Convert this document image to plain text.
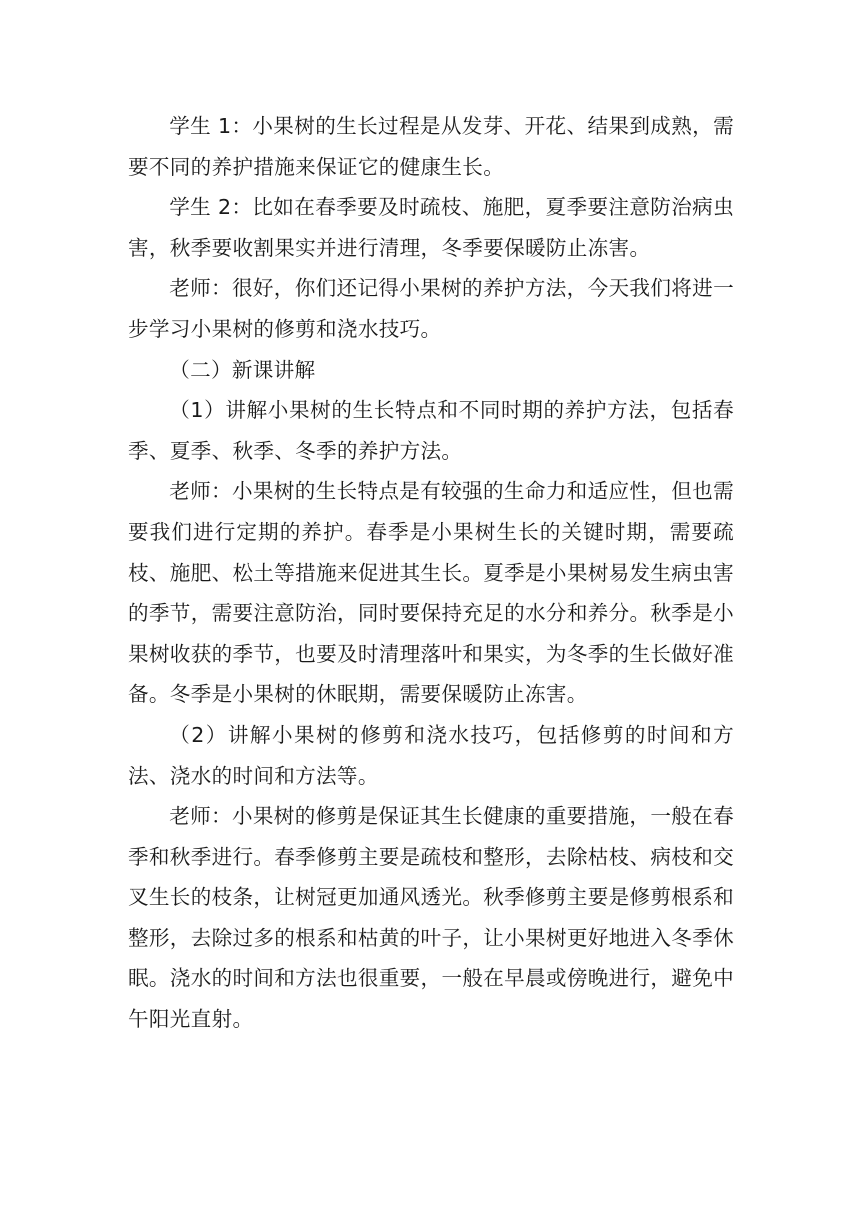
学生 1：小果树的生长过程是从发芽、开花、结果到成熟，需要不同的养护措施来保证它的健康生长。

学生 2：比如在春季要及时疏枝、施肥，夏季要注意防治病虫害，秋季要收割果实并进行清理，冬季要保暖防止冻害。

老师：很好，你们还记得小果树的养护方法，今天我们将进一步学习小果树的修剪和浇水技巧。

（二）新课讲解

（1）讲解小果树的生长特点和不同时期的养护方法，包括春季、夏季、秋季、冬季的养护方法。

老师：小果树的生长特点是有较强的生命力和适应性，但也需要我们进行定期的养护。春季是小果树生长的关键时期，需要疏枝、施肥、松土等措施来促进其生长。夏季是小果树易发生病虫害的季节，需要注意防治，同时要保持充足的水分和养分。秋季是小果树收获的季节，也要及时清理落叶和果实，为冬季的生长做好准备。冬季是小果树的休眠期，需要保暖防止冻害。

（2）讲解小果树的修剪和浇水技巧，包括修剪的时间和方法、浇水的时间和方法等。

老师：小果树的修剪是保证其生长健康的重要措施，一般在春季和秋季进行。春季修剪主要是疏枝和整形，去除枯枝、病枝和交叉生长的枝条，让树冠更加通风透光。秋季修剪主要是修剪根系和整形，去除过多的根系和枯黄的叶子，让小果树更好地进入冬季休眠。浇水的时间和方法也很重要，一般在早晨或傍晚进行，避免中午阳光直射。
